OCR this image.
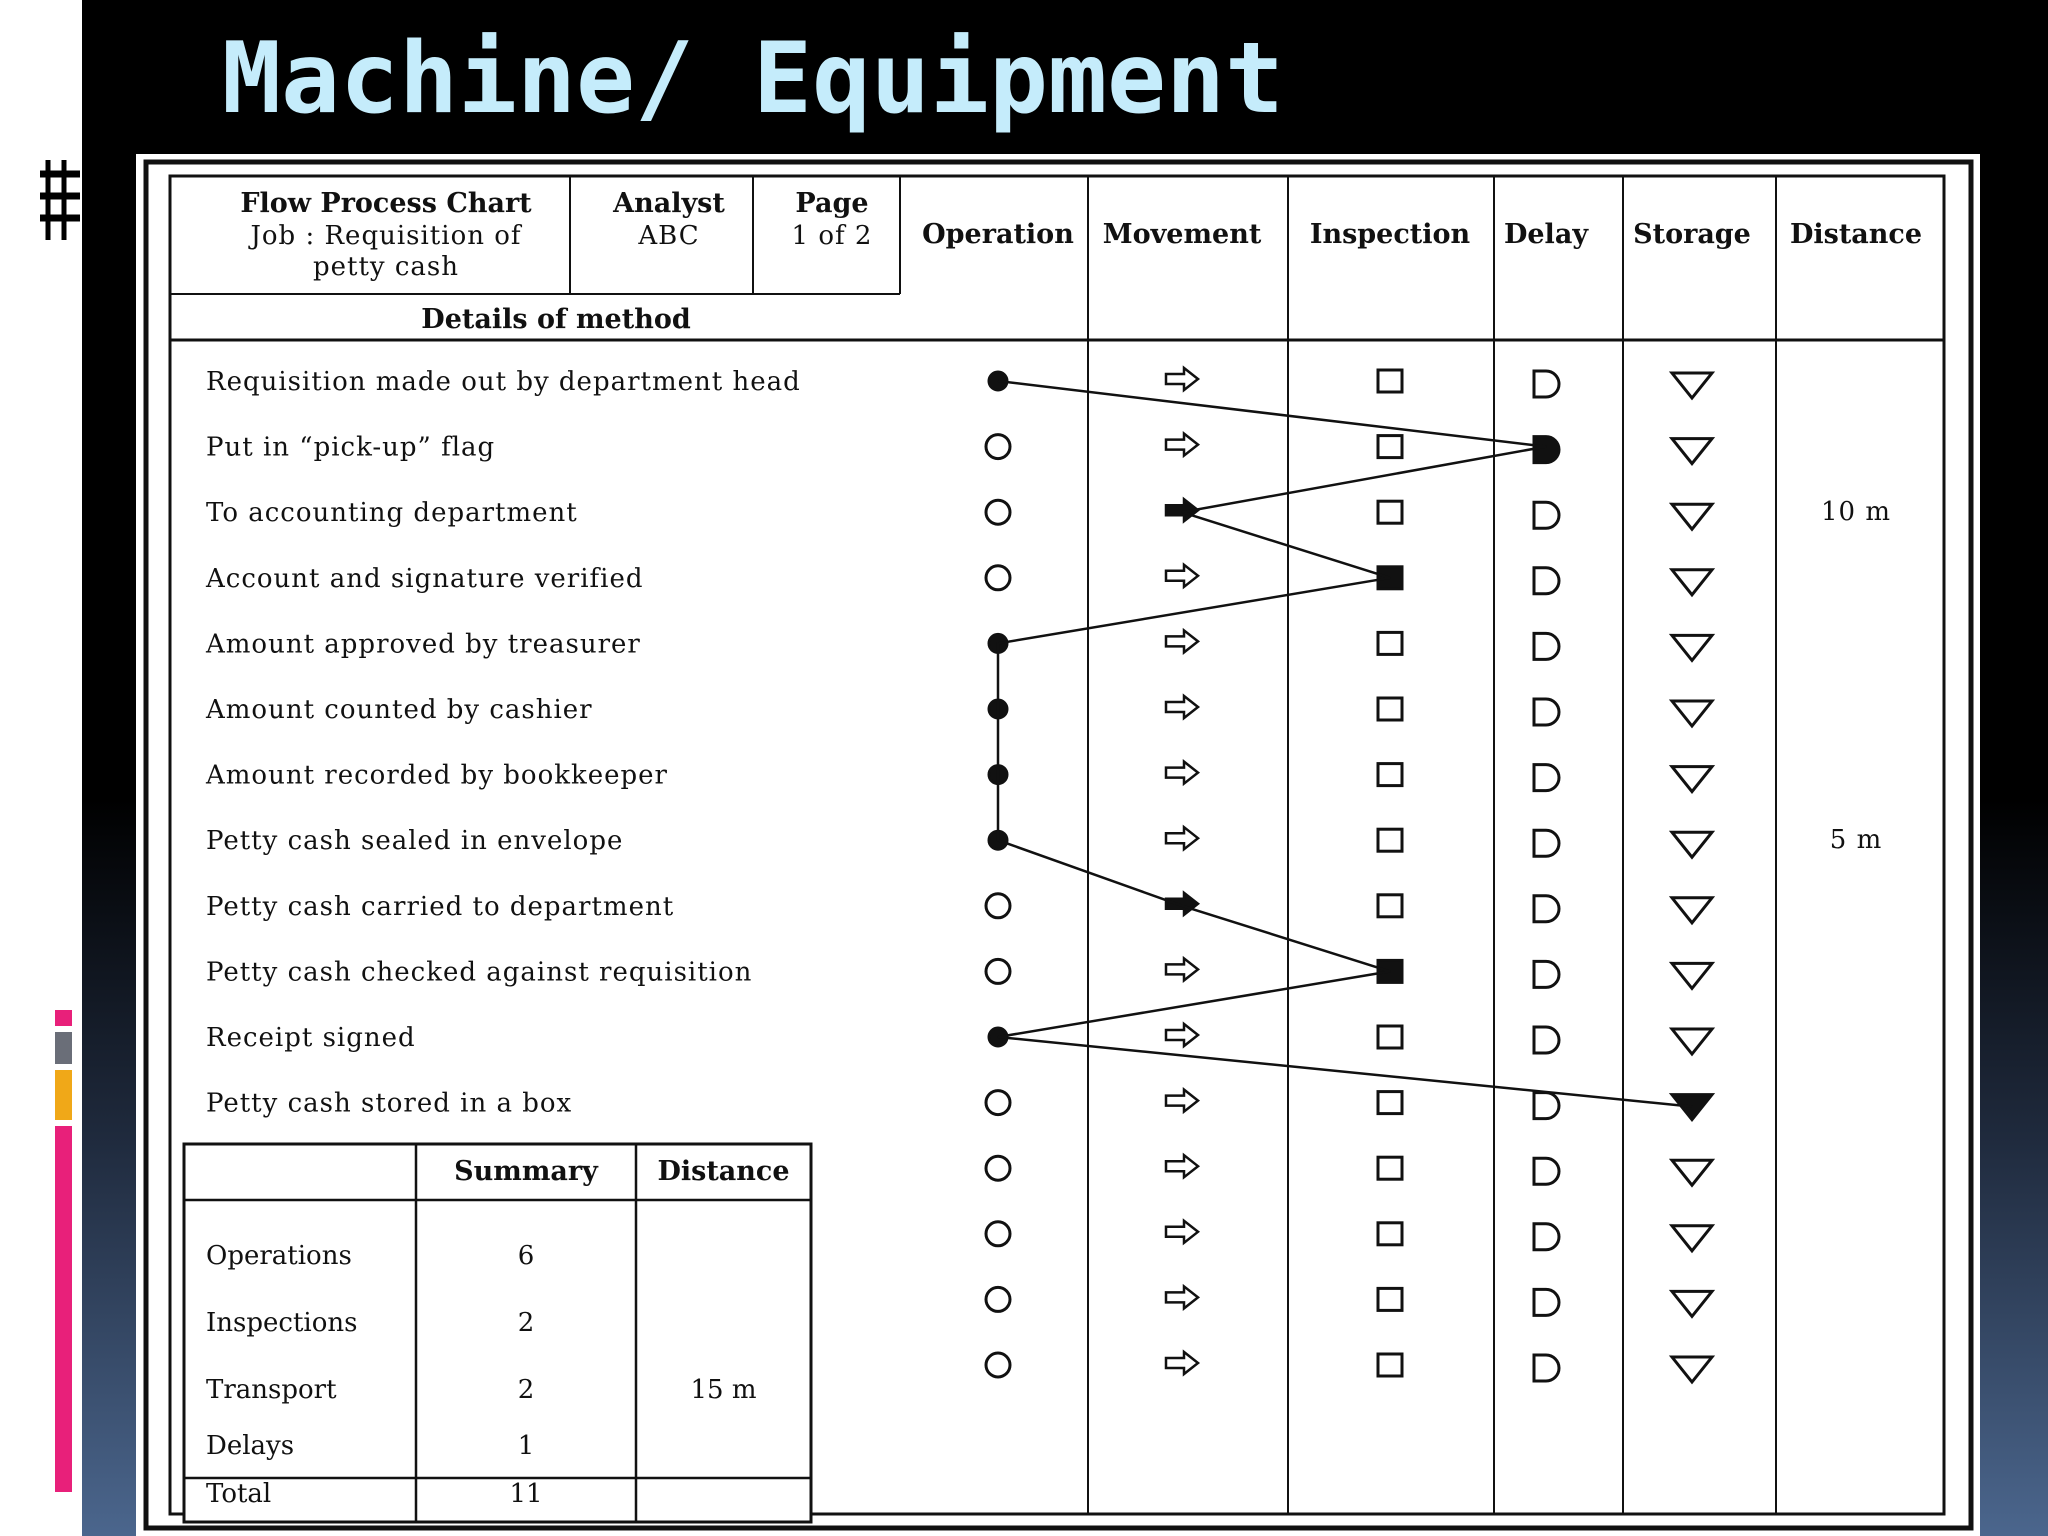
Machine/ Equipment
Flow Process Chart
Job : Requisition of
petty cash
Analyst
ABC
Page
1 of 2
Details of method
Operation Movement Inspection Delay Storage Distance
Requisition made out by department head
Put in “pick-up” flag
To accounting department	10 m
Account and signature verified
Amount approved by treasurer
Amount counted by cashier
Amount recorded by bookkeeper
Petty cash sealed in envelope	5 m
Petty cash carried to department
Petty cash checked against requisition
Receipt signed
Petty cash stored in a box
Summary Distance
Operations	6
Inspections	2
Transport	2	15 m
Delays	1
Total	11
